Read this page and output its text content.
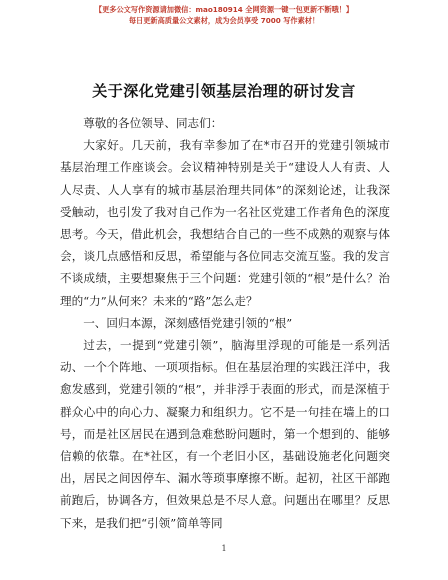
【更多公文写作资源请加微信：mao180914 全网资源一键一包更新不断哦！】
每日更新高质量公文素材，成为会员享受 7000 写作素材！
关于深化党建引领基层治理的研讨发言

尊敬的各位领导、同志们：

大家好。几天前，我有幸参加了在*市召开的党建引领城市基层治理工作座谈会。会议精神特别是关于“建设人人有责、人人尽责、人人享有的城市基层治理共同体”的深刻论述，让我深受触动，也引发了我对自己作为一名社区党建工作者角色的深度思考。今天，借此机会，我想结合自己的一些不成熟的观察与体会，谈几点感悟和反思，希望能与各位同志交流互鉴。我的发言不谈成绩，主要想聚焦于三个问题：党建引领的“根”是什么？治理的“力”从何来？未来的“路”怎么走？

一、回归本源，深刻感悟党建引领的“根”

过去，一提到“党建引领”，脑海里浮现的可能是一系列活动、一个个阵地、一项项指标。但在基层治理的实践汪洋中，我愈发感到，党建引领的“根”，并非浮于表面的形式，而是深植于群众心中的向心力、凝聚力和组织力。它不是一句挂在墙上的口号，而是社区居民在遇到急难愁盼问题时，第一个想到的、能够信赖的依靠。在*社区，有一个老旧小区，基础设施老化问题突出，居民之间因停车、漏水等琐事摩擦不断。起初，社区干部跑前跑后，协调各方，但效果总是不尽人意。问题出在哪里？反思下来，是我们把“引领”简单等同

1
